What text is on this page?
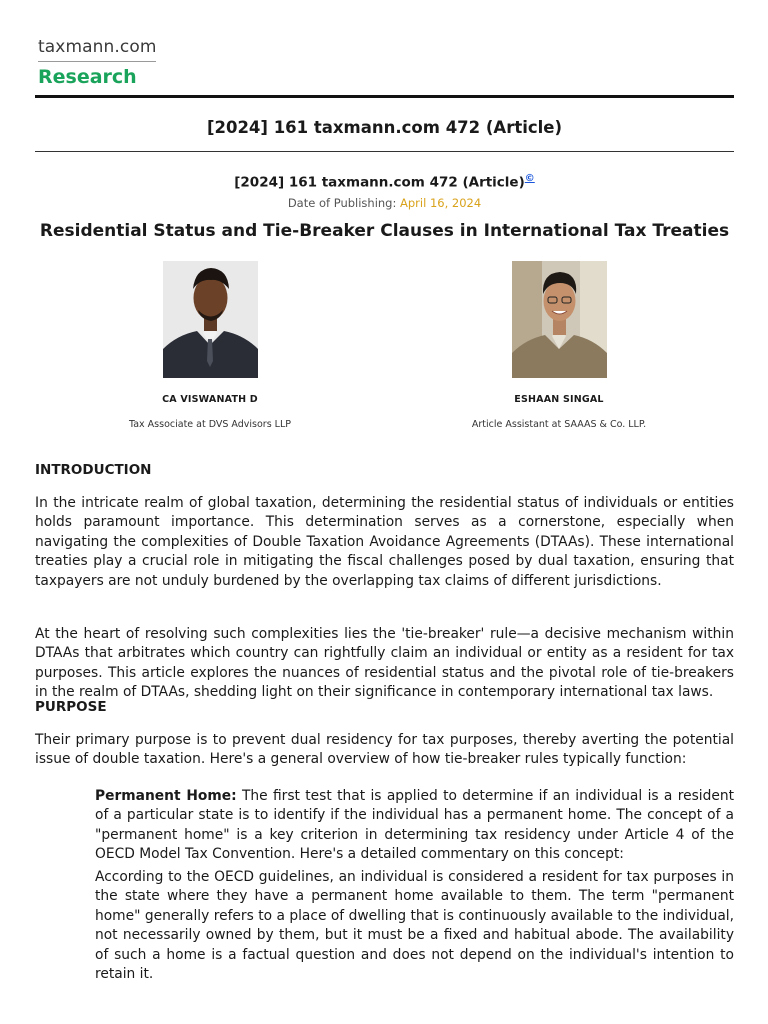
taxmann.com
Research
[2024] 161 taxmann.com 472 (Article)
[2024] 161 taxmann.com 472 (Article)©
Date of Publishing: April 16, 2024
Residential Status and Tie-Breaker Clauses in International Tax Treaties
CA VISWANATH D
Tax Associate at DVS Advisors LLP
ESHAAN SINGAL
Article Assistant at SAAAS & Co. LLP.
INTRODUCTION

In the intricate realm of global taxation, determining the residential status of individuals or entities holds paramount importance. This determination serves as a cornerstone, especially when navigating the complexities of Double Taxation Avoidance Agreements (DTAAs). These international treaties play a crucial role in mitigating the fiscal challenges posed by dual taxation, ensuring that taxpayers are not unduly burdened by the overlapping tax claims of different jurisdictions.

At the heart of resolving such complexities lies the 'tie-breaker' rule—a decisive mechanism within DTAAs that arbitrates which country can rightfully claim an individual or entity as a resident for tax purposes. This article explores the nuances of residential status and the pivotal role of tie-breakers in the realm of DTAAs, shedding light on their significance in contemporary international tax laws.

PURPOSE

Their primary purpose is to prevent dual residency for tax purposes, thereby averting the potential issue of double taxation. Here's a general overview of how tie-breaker rules typically function:

Permanent Home: The first test that is applied to determine if an individual is a resident of a particular state is to identify if the individual has a permanent home. The concept of a "permanent home" is a key criterion in determining tax residency under Article 4 of the OECD Model Tax Convention. Here's a detailed commentary on this concept:

According to the OECD guidelines, an individual is considered a resident for tax purposes in the state where they have a permanent home available to them. The term "permanent home" generally refers to a place of dwelling that is continuously available to the individual, not necessarily owned by them, but it must be a fixed and habitual abode. The availability of such a home is a factual question and does not depend on the individual's intention to retain it.
